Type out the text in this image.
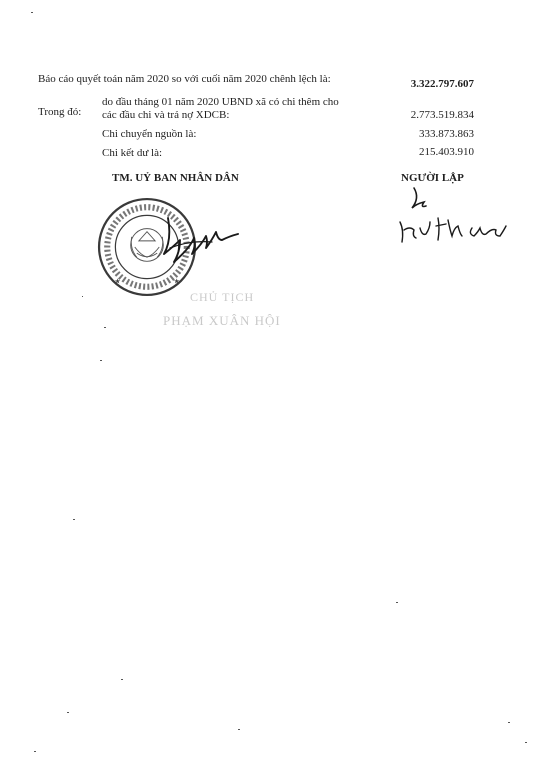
Báo cáo quyết toán năm 2020 so với cuối năm 2020 chênh lệch là:	3.322.797.607
Trong đó:
do đầu tháng 01 năm 2020 UBND xã có chi thêm cho
các đầu chi và trả nợ XDCB:	2.773.519.834
Chi chuyển nguồn là:	333.873.863
Chi kết dư là:	215.403.910
TM. UỶ BAN NHÂN DÂN	NGƯỜI LẬP
★	★
CHỦ TỊCH
PHẠM XUÂN HỘI
